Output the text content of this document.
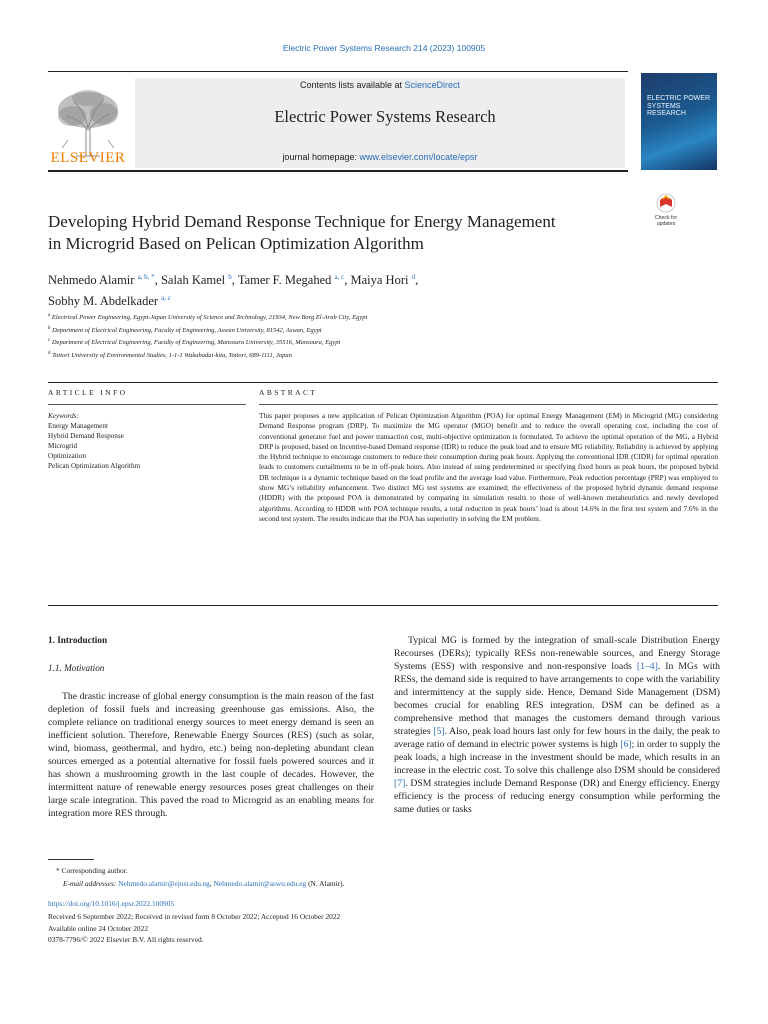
Electric Power Systems Research 214 (2023) 100905
ELSEVIER
Contents lists available at ScienceDirect
Electric Power Systems Research
journal homepage: www.elsevier.com/locate/epsr
ELECTRIC POWER SYSTEMS RESEARCH
Developing Hybrid Demand Response Technique for Energy Management
in Microgrid Based on Pelican Optimization Algorithm
Check for
updates
Nehmedo Alamir $^{a, b, *}$, Salah Kamel $^b$, Tamer F. Megahed $^{a, c}$, Maiya Hori $^d$,
Sobhy M. Abdelkader $^{a, c}$
$^a$ Electrical Power Engineering, Egypt-Japan University of Science and Technology, 21934, New Borg El-Arab City, Egypt
$^b$ Department of Electrical Engineering, Faculty of Engineering, Aswan University, 81542, Aswan, Egypt
$^c$ Department of Electrical Engineering, Faculty of Engineering, Mansoura University, 35516, Mansoura, Egypt
$^d$ Tottori University of Environmental Studies, 1-1-1 Wakabadai-kita, Tottori, 689-1111, Japan
ARTICLE INFO	ABSTRACT
Keywords:
Energy Management
Hybrid Demand Response
Microgrid
Optimization
Pelican Optimization Algorithm
This paper proposes a new application of Pelican Optimization Algorithm (POA) for optimal Energy Management (EM) in Microgrid (MG) considering Demand Response program (DRP). To maximize the MG operator (MGO) benefit and to reduce the overall operating cost, including the cost of conventional generator fuel and power transaction cost, multi-objective optimization is formulated. To achieve the optimal operation of the MG, a Hybrid DRP is proposed, based on Incentive-based Demand response (IDR) to reduce the peak load and to ensure MG reliability. Reliability is achieved by applying the Hybrid technique to encourage customers to reduce their consumption during peak hours. Applying the conventional IDR (CIDR) for optimal operation leads to customers curtailments to be in off-peak hours. Also instead of using predetermined or specifying fixed hours as peak hours, the proposed hybrid DR technique is a dynamic technique based on the load profile and the average load value. Furthermore, Peak reduction percentage (PRP) was employed to show MG’s reliability enhancement. Two distinct MG test systems are examined; the effectiveness of the proposed hybrid dynamic demand response (HDDR) with the proposed POA is demonstrated by comparing its simulation results to those of well-known metaheuristics and newly developed algorithms. According to HDDR with POA technique results, a total reduction in peak hours’ load is about 14.6% in the first test system and 7.6% in the second test system. The results indicate that the POA has superiority in solving the EM problem.
1. Introduction
1.1. Motivation

The drastic increase of global energy consumption is the main reason of the fast depletion of fossil fuels and increasing greenhouse gas emissions. Also, the complete reliance on traditional energy sources to meet energy demand is seen an inefficient solution. Therefore, Renewable Energy Sources (RES) (such as solar, wind, biomass, geothermal, and hydro, etc.) being non-depleting abundant clean sources emerged as a potential alternative for fossil fuels powered sources and it has shown a mushrooming growth in the last couple of decades. However, the intermittent nature of renewable energy resources poses great challenges on their large scale integration. This paved the road to Microgrid as an enabling means for integration more RES through.

Typical MG is formed by the integration of small-scale Distribution Energy Recourses (DERs); typically RESs non-renewable sources, and Energy Storage Systems (ESS) with responsive and non-responsive loads [1–4]. In MGs with RESs, the demand side is required to have arrangements to cope with the variability and intermittency at the supply side. Hence, Demand Side Management (DSM) becomes crucial for enabling RES integration. DSM can be defined as a comprehensive method that manages the customers demand through various strategies [5]. Also, peak load hours last only for few hours in the daily, the peak to average ratio of demand in electric power systems is high [6]; in order to supply the peak loads, a high increase in the investment should be made, which results in an increase in the electric cost. To solve this challenge also DSM should be considered [7]. DSM strategies include Demand Response (DR) and Energy efficiency. Energy efficiency is the process of reducing energy consumption while performing the same duties or tasks

* Corresponding author.
E-mail addresses: Nehmedo.alamir@ejust.edu.eg, Nehmedo.alamir@aswu.edu.eg (N. Alamir).
https://doi.org/10.1016/j.epsr.2022.100905
Received 6 September 2022; Received in revised form 8 October 2022; Accepted 16 October 2022
Available online 24 October 2022
0378-7796/© 2022 Elsevier B.V. All rights reserved.
